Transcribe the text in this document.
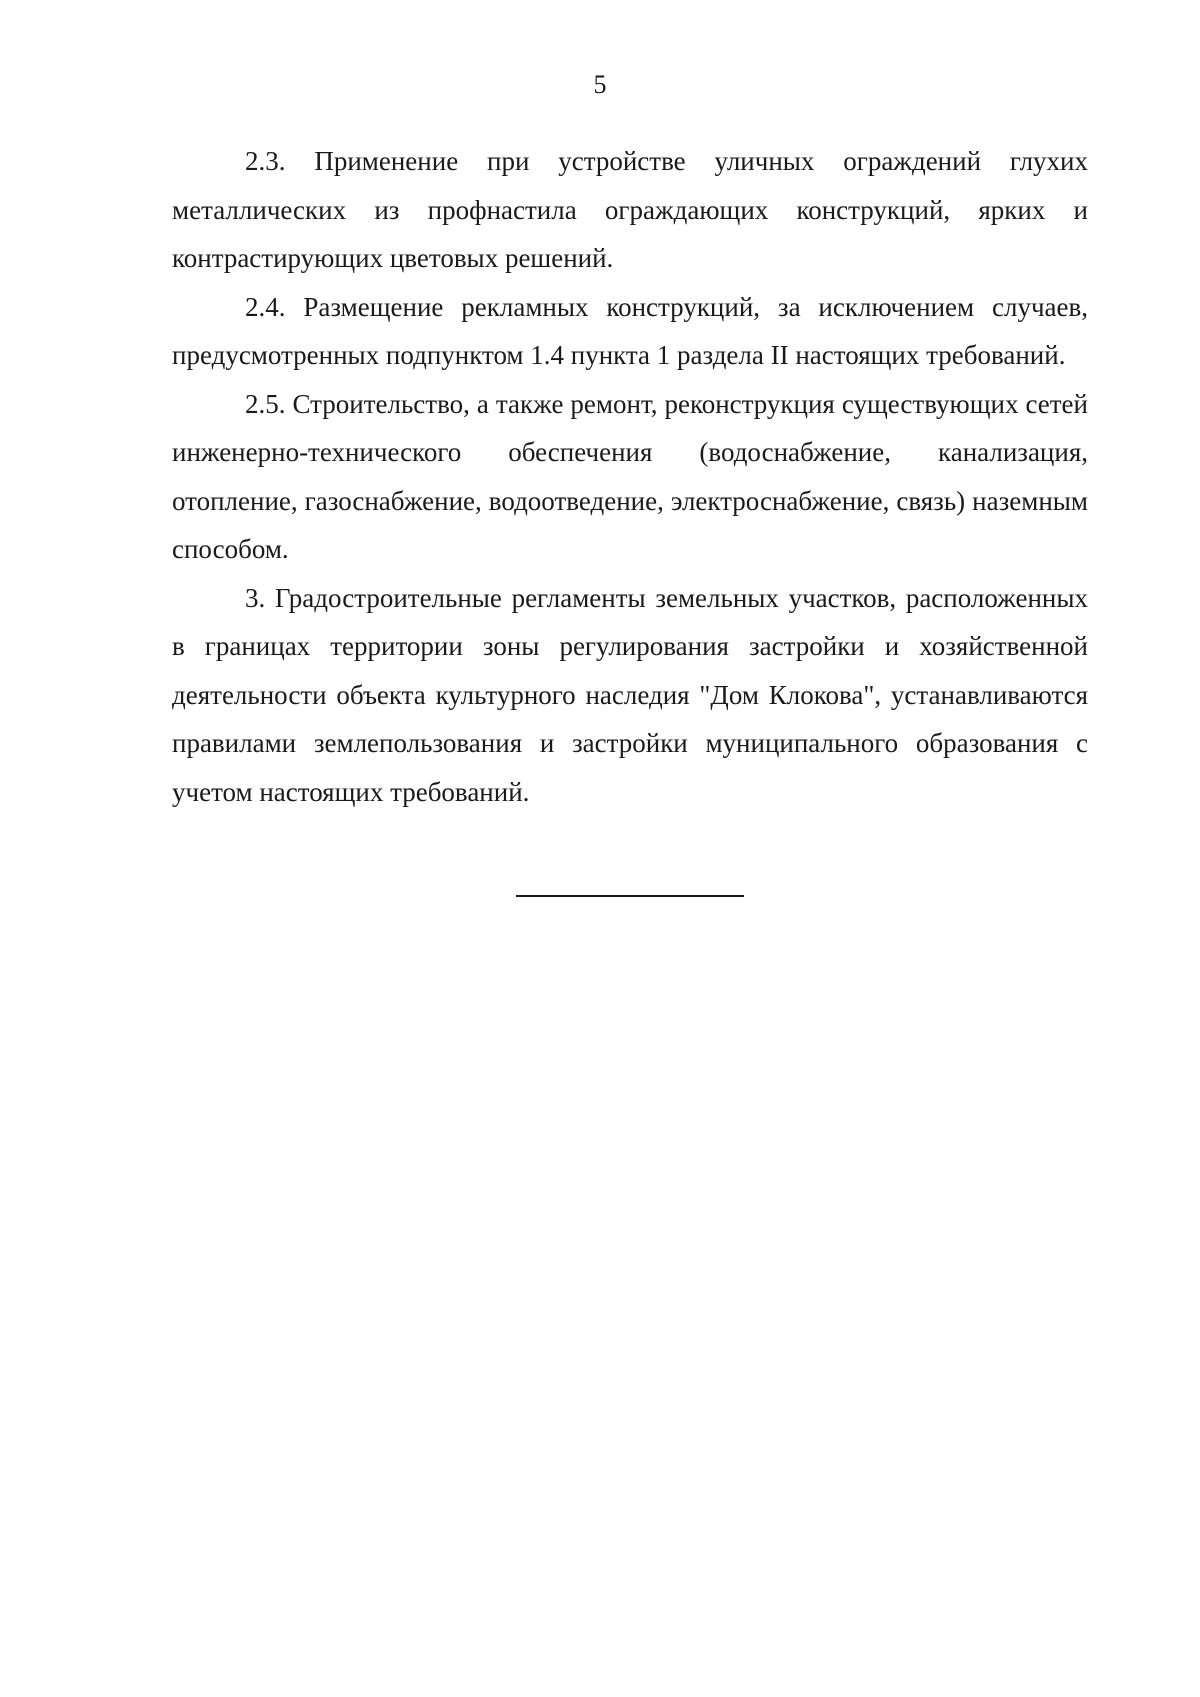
5

2.3. Применение при устройстве уличных ограждений глухих металлических из профнастила ограждающих конструкций, ярких и контрастирующих цветовых решений.

2.4. Размещение рекламных конструкций, за исключением случаев, предусмотренных подпунктом 1.4 пункта 1 раздела II настоящих требований.

2.5. Строительство, а также ремонт, реконструкция существующих сетей инженерно-технического обеспечения (водоснабжение, канализация, отопление, газоснабжение, водоотведение, электроснабжение, связь) наземным способом.

3. Градостроительные регламенты земельных участков, расположенных в границах территории зоны регулирования застройки и хозяйственной деятельности объекта культурного наследия "Дом Клокова", устанавливаются правилами землепользования и застройки муниципального образования с учетом настоящих требований.
